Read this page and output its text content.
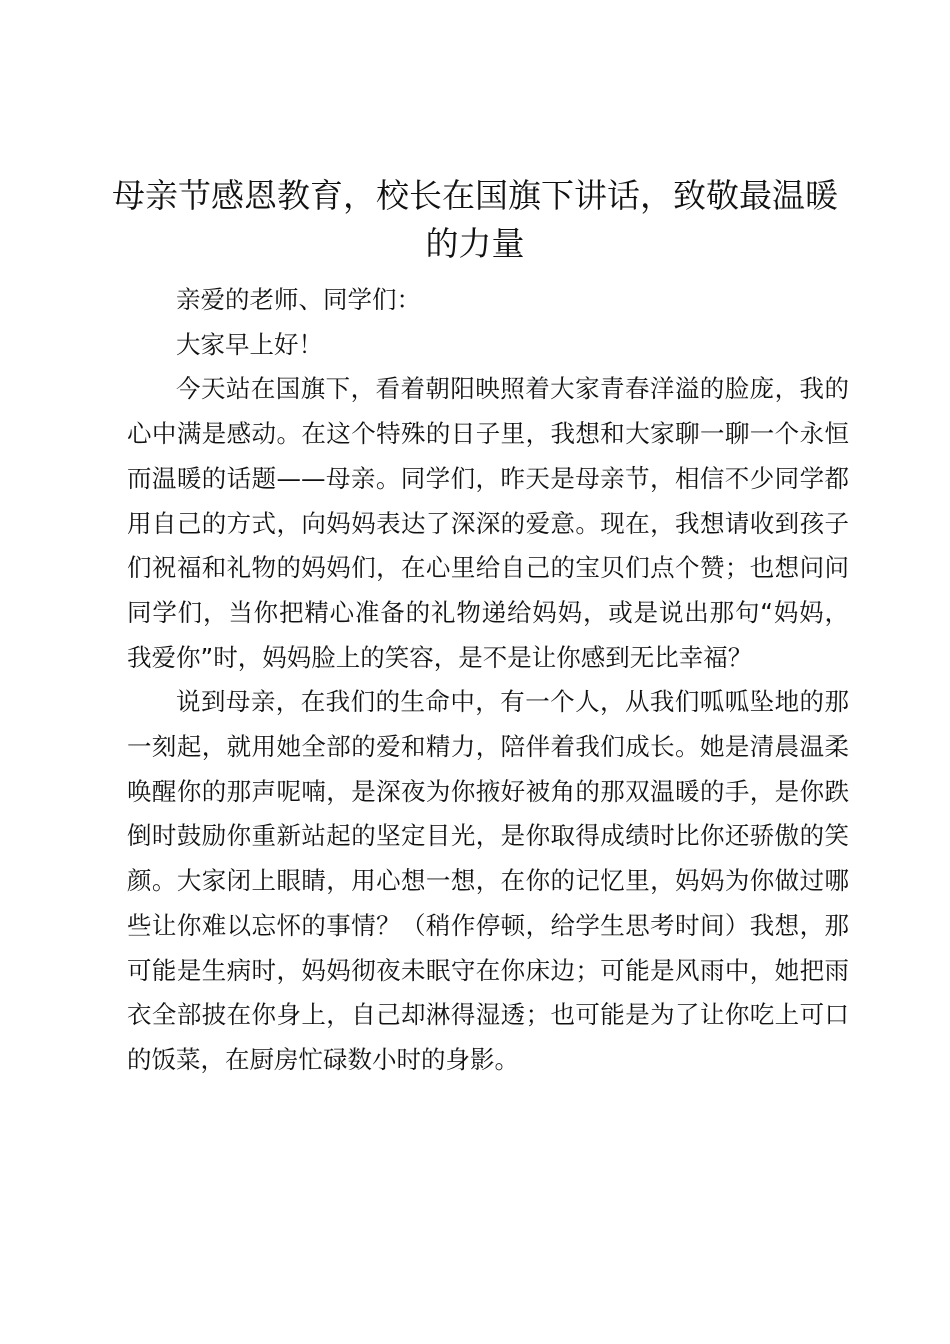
母亲节感恩教育，校长在国旗下讲话，致敬最温暖的力量

亲爱的老师、同学们：

大家早上好！

今天站在国旗下，看着朝阳映照着大家青春洋溢的脸庞，我的心中满是感动。在这个特殊的日子里，我想和大家聊一聊一个永恒而温暖的话题——母亲。同学们，昨天是母亲节，相信不少同学都用自己的方式，向妈妈表达了深深的爱意。现在，我想请收到孩子们祝福和礼物的妈妈们，在心里给自己的宝贝们点个赞；也想问问同学们，当你把精心准备的礼物递给妈妈，或是说出那句“妈妈，我爱你”时，妈妈脸上的笑容，是不是让你感到无比幸福？

说到母亲，在我们的生命中，有一个人，从我们呱呱坠地的那一刻起，就用她全部的爱和精力，陪伴着我们成长。她是清晨温柔唤醒你的那声呢喃，是深夜为你掖好被角的那双温暖的手，是你跌倒时鼓励你重新站起的坚定目光，是你取得成绩时比你还骄傲的笑颜。大家闭上眼睛，用心想一想，在你的记忆里，妈妈为你做过哪些让你难以忘怀的事情？（稍作停顿，给学生思考时间）我想，那可能是生病时，妈妈彻夜未眠守在你床边；可能是风雨中，她把雨衣全部披在你身上，自己却淋得湿透；也可能是为了让你吃上可口的饭菜，在厨房忙碌数小时的身影。
